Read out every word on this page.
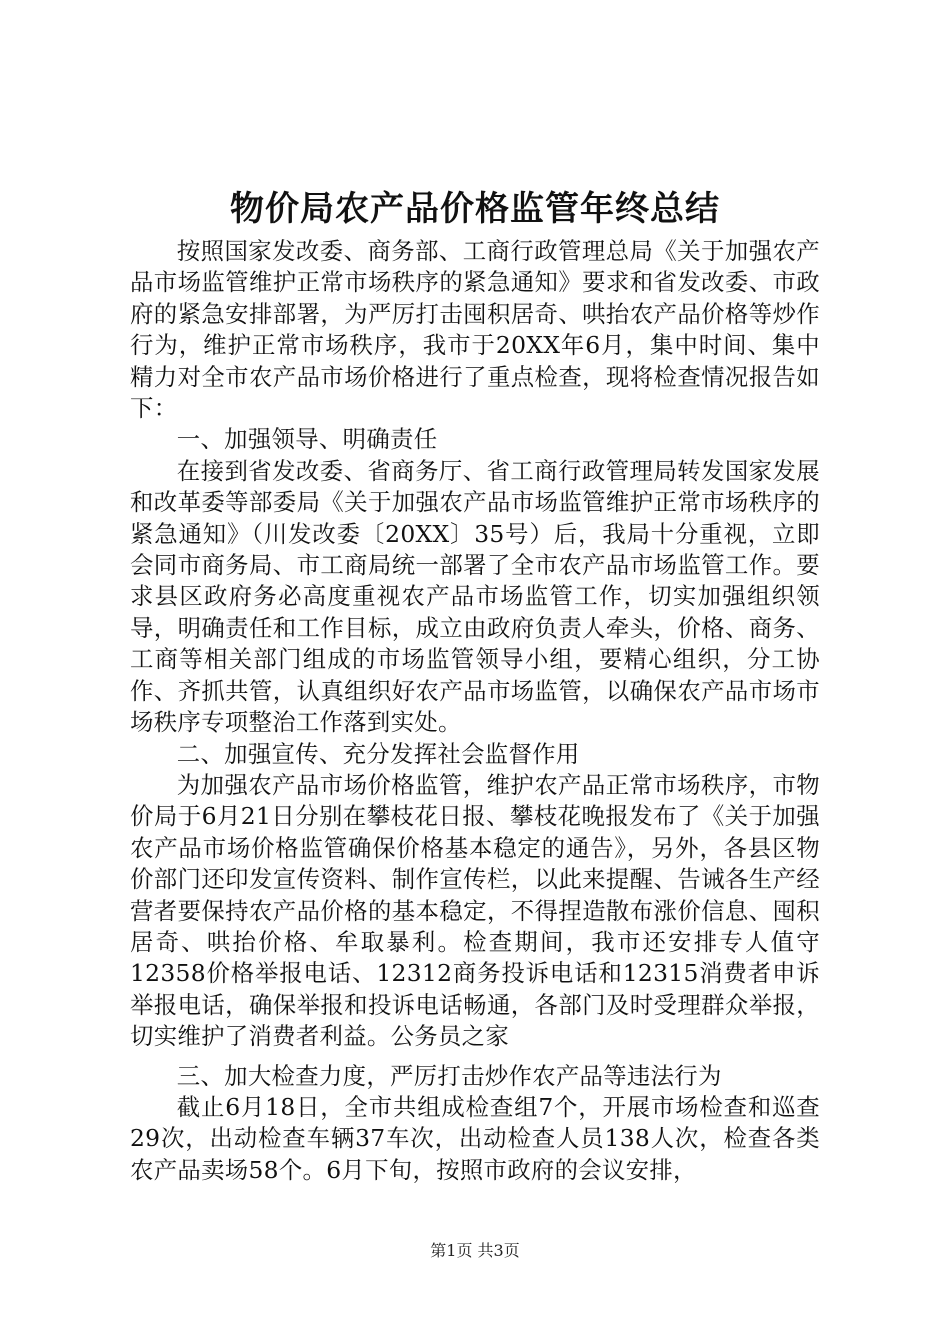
物价局农产品价格监管年终总结

按照国家发改委、商务部、工商行政管理总局《关于加强农产品市场监管维护正常市场秩序的紧急通知》要求和省发改委、市政府的紧急安排部署，为严厉打击囤积居奇、哄抬农产品价格等炒作行为，维护正常市场秩序，我市于20XX年6月，集中时间、集中精力对全市农产品市场价格进行了重点检查，现将检查情况报告如下：

一、加强领导、明确责任

在接到省发改委、省商务厅、省工商行政管理局转发国家发展和改革委等部委局《关于加强农产品市场监管维护正常市场秩序的紧急通知》（川发改委〔20XX〕35号）后，我局十分重视，立即会同市商务局、市工商局统一部署了全市农产品市场监管工作。要求县区政府务必高度重视农产品市场监管工作，切实加强组织领导，明确责任和工作目标，成立由政府负责人牵头，价格、商务、工商等相关部门组成的市场监管领导小组，要精心组织，分工协作、齐抓共管，认真组织好农产品市场监管，以确保农产品市场市场秩序专项整治工作落到实处。

二、加强宣传、充分发挥社会监督作用

为加强农产品市场价格监管，维护农产品正常市场秩序，市物价局于6月21日分别在攀枝花日报、攀枝花晚报发布了《关于加强农产品市场价格监管确保价格基本稳定的通告》，另外，各县区物价部门还印发宣传资料、制作宣传栏，以此来提醒、告诫各生产经营者要保持农产品价格的基本稳定，不得捏造散布涨价信息、囤积居奇、哄抬价格、牟取暴利。检查期间，我市还安排专人值守12358价格举报电话、12312商务投诉电话和12315消费者申诉举报电话，确保举报和投诉电话畅通，各部门及时受理群众举报，切实维护了消费者利益。公务员之家

三、加大检查力度，严厉打击炒作农产品等违法行为

截止6月18日，全市共组成检查组7个，开展市场检查和巡查29次，出动检查车辆37车次，出动检查人员138人次，检查各类农产品卖场58个。6月下旬，按照市政府的会议安排，

第1页 共3页
